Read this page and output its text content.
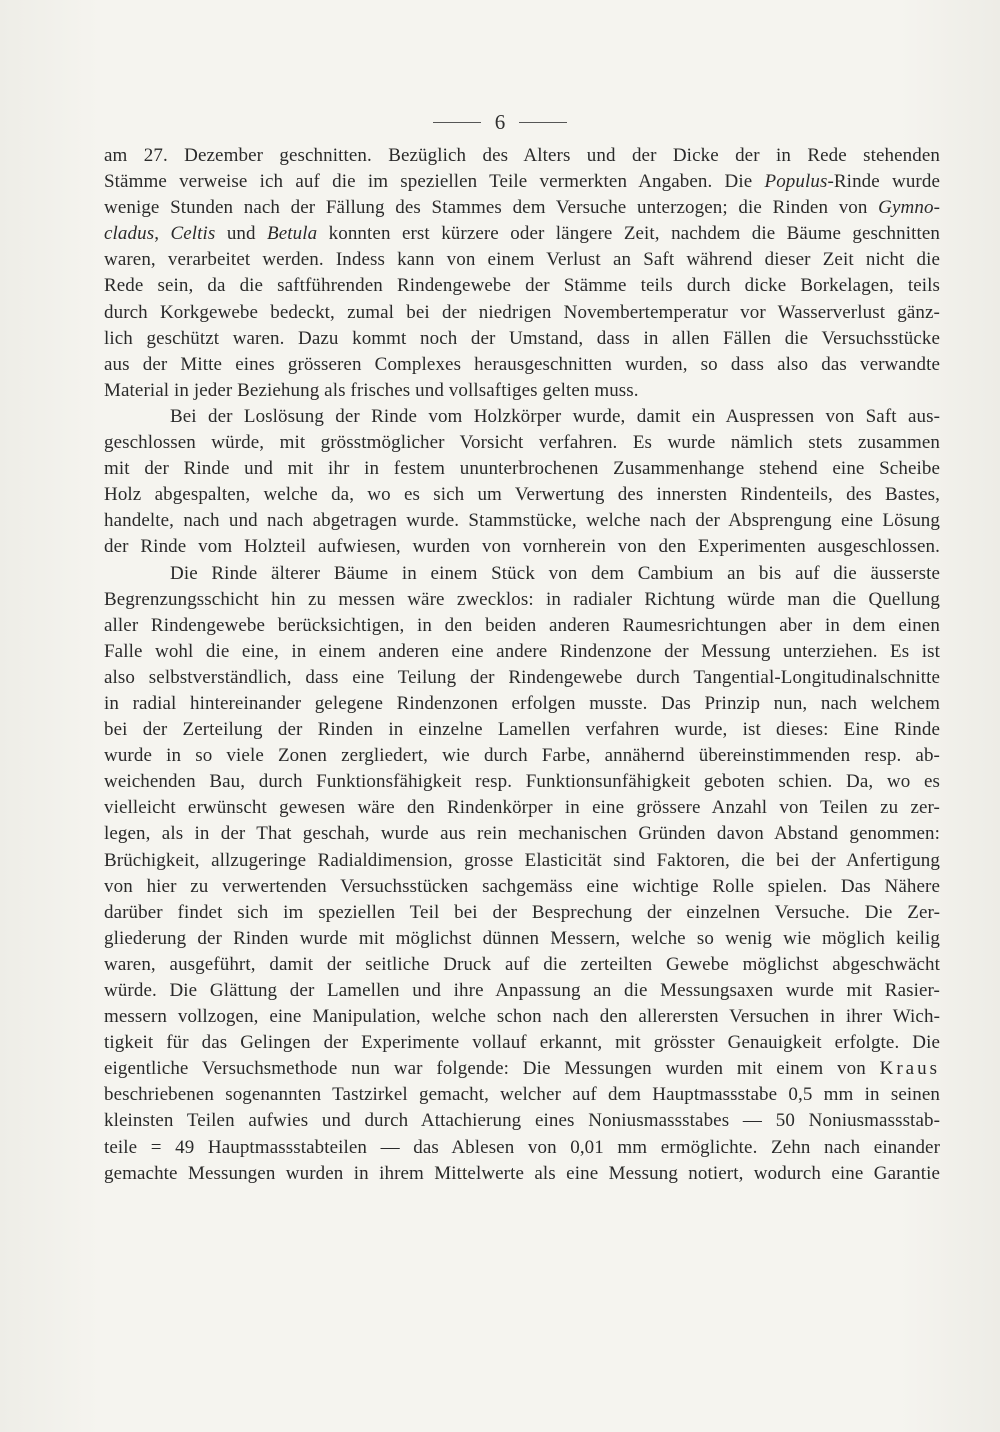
6
am 27. Dezember geschnitten. Bezüglich des Alters und der Dicke der in Rede stehenden
Stämme verweise ich auf die im speziellen Teile vermerkten Angaben. Die Populus-Rinde wurde
wenige Stunden nach der Fällung des Stammes dem Versuche unterzogen; die Rinden von Gymno-
cladus, Celtis und Betula konnten erst kürzere oder längere Zeit, nachdem die Bäume geschnitten
waren, verarbeitet werden. Indess kann von einem Verlust an Saft während dieser Zeit nicht die
Rede sein, da die saftführenden Rindengewebe der Stämme teils durch dicke Borkelagen, teils
durch Korkgewebe bedeckt, zumal bei der niedrigen Novembertemperatur vor Wasserverlust gänz-
lich geschützt waren. Dazu kommt noch der Umstand, dass in allen Fällen die Versuchsstücke
aus der Mitte eines grösseren Complexes herausgeschnitten wurden, so dass also das verwandte
Material in jeder Beziehung als frisches und vollsaftiges gelten muss.
Bei der Loslösung der Rinde vom Holzkörper wurde, damit ein Auspressen von Saft aus-
geschlossen würde, mit grösstmöglicher Vorsicht verfahren. Es wurde nämlich stets zusammen
mit der Rinde und mit ihr in festem ununterbrochenen Zusammenhange stehend eine Scheibe
Holz abgespalten, welche da, wo es sich um Verwertung des innersten Rindenteils, des Bastes,
handelte, nach und nach abgetragen wurde. Stammstücke, welche nach der Absprengung eine Lösung
der Rinde vom Holzteil aufwiesen, wurden von vornherein von den Experimenten ausgeschlossen.
Die Rinde älterer Bäume in einem Stück von dem Cambium an bis auf die äusserste
Begrenzungsschicht hin zu messen wäre zwecklos: in radialer Richtung würde man die Quellung
aller Rindengewebe berücksichtigen, in den beiden anderen Raumesrichtungen aber in dem einen
Falle wohl die eine, in einem anderen eine andere Rindenzone der Messung unterziehen. Es ist
also selbstverständlich, dass eine Teilung der Rindengewebe durch Tangential-Longitudinalschnitte
in radial hintereinander gelegene Rindenzonen erfolgen musste. Das Prinzip nun, nach welchem
bei der Zerteilung der Rinden in einzelne Lamellen verfahren wurde, ist dieses: Eine Rinde
wurde in so viele Zonen zergliedert, wie durch Farbe, annähernd übereinstimmenden resp. ab-
weichenden Bau, durch Funktionsfähigkeit resp. Funktionsunfähigkeit geboten schien. Da, wo es
vielleicht erwünscht gewesen wäre den Rindenkörper in eine grössere Anzahl von Teilen zu zer-
legen, als in der That geschah, wurde aus rein mechanischen Gründen davon Abstand genommen:
Brüchigkeit, allzugeringe Radialdimension, grosse Elasticität sind Faktoren, die bei der Anfertigung
von hier zu verwertenden Versuchsstücken sachgemäss eine wichtige Rolle spielen. Das Nähere
darüber findet sich im speziellen Teil bei der Besprechung der einzelnen Versuche. Die Zer-
gliederung der Rinden wurde mit möglichst dünnen Messern, welche so wenig wie möglich keilig
waren, ausgeführt, damit der seitliche Druck auf die zerteilten Gewebe möglichst abgeschwächt
würde. Die Glättung der Lamellen und ihre Anpassung an die Messungsaxen wurde mit Rasier-
messern vollzogen, eine Manipulation, welche schon nach den allerersten Versuchen in ihrer Wich-
tigkeit für das Gelingen der Experimente vollauf erkannt, mit grösster Genauigkeit erfolgte. Die
eigentliche Versuchsmethode nun war folgende: Die Messungen wurden mit einem von Kraus
beschriebenen sogenannten Tastzirkel gemacht, welcher auf dem Hauptmassstabe 0,5 mm in seinen
kleinsten Teilen aufwies und durch Attachierung eines Noniusmassstabes — 50 Noniusmassstab-
teile = 49 Hauptmassstabteilen — das Ablesen von 0,01 mm ermöglichte. Zehn nach einander
gemachte Messungen wurden in ihrem Mittelwerte als eine Messung notiert, wodurch eine Garantie
